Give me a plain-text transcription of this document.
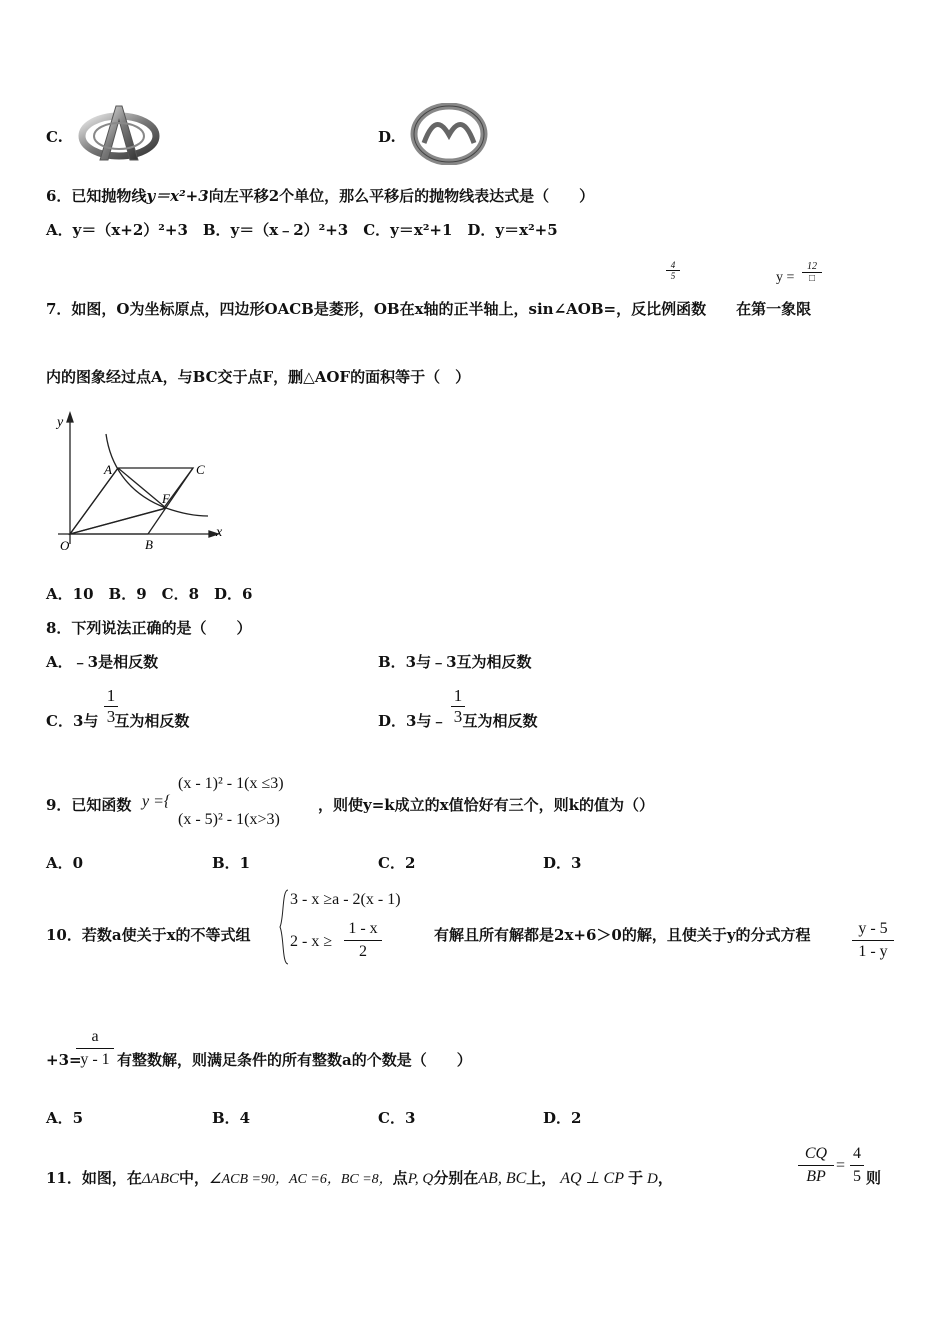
C.	D.
6．已知抛物线y＝x²+3向左平移2个单位，那么平移后的抛物线表达式是（　　）
A．y＝（x+2）²+3　B．y＝（x﹣2）²+3　C．y＝x²+1　D．y＝x²+5
4
5	y =
12
□
7．如图，O为坐标原点，四边形OACB是菱形，OB在x轴的正半轴上，sin∠AOB=，反比例函数　　在第一象限
内的图象经过点A，与BC交于点F，删△AOF的面积等于（　）
y
x
O
A
B
C
F
A．10　B．9　C．8　D．6
8．下列说法正确的是（　　）
A．﹣3是相反数	B．3与﹣3互为相反数
C．3与 互为相反数
1
3	D．3与﹣ 互为相反数
1
3
9．已知函数 y ={
(x - 1)² - 1(x ≤3)
(x - 5)² - 1(x>3)
，则使y=k成立的x值恰好有三个，则k的值为（）
A．0	B．1	C．2	D．3
10．若数a使关于x的不等式组
3 - x ≥a - 2(x - 1)
2 - x ≥
1 - x
2
有解且所有解都是2x+6＞0的解，且使关于y的分式方程	y - 5
1 - y
+3=
a
y - 1 有整数解，则满足条件的所有整数a的个数是（　　）
A．5	B．4	C．3	D．2
11．如图，在ΔABC中，∠ACB =90，AC =6，BC =8，点P, Q分别在AB, BC上， AQ ⊥ CP 于 D，
CQ
BP
=
4
5 则
